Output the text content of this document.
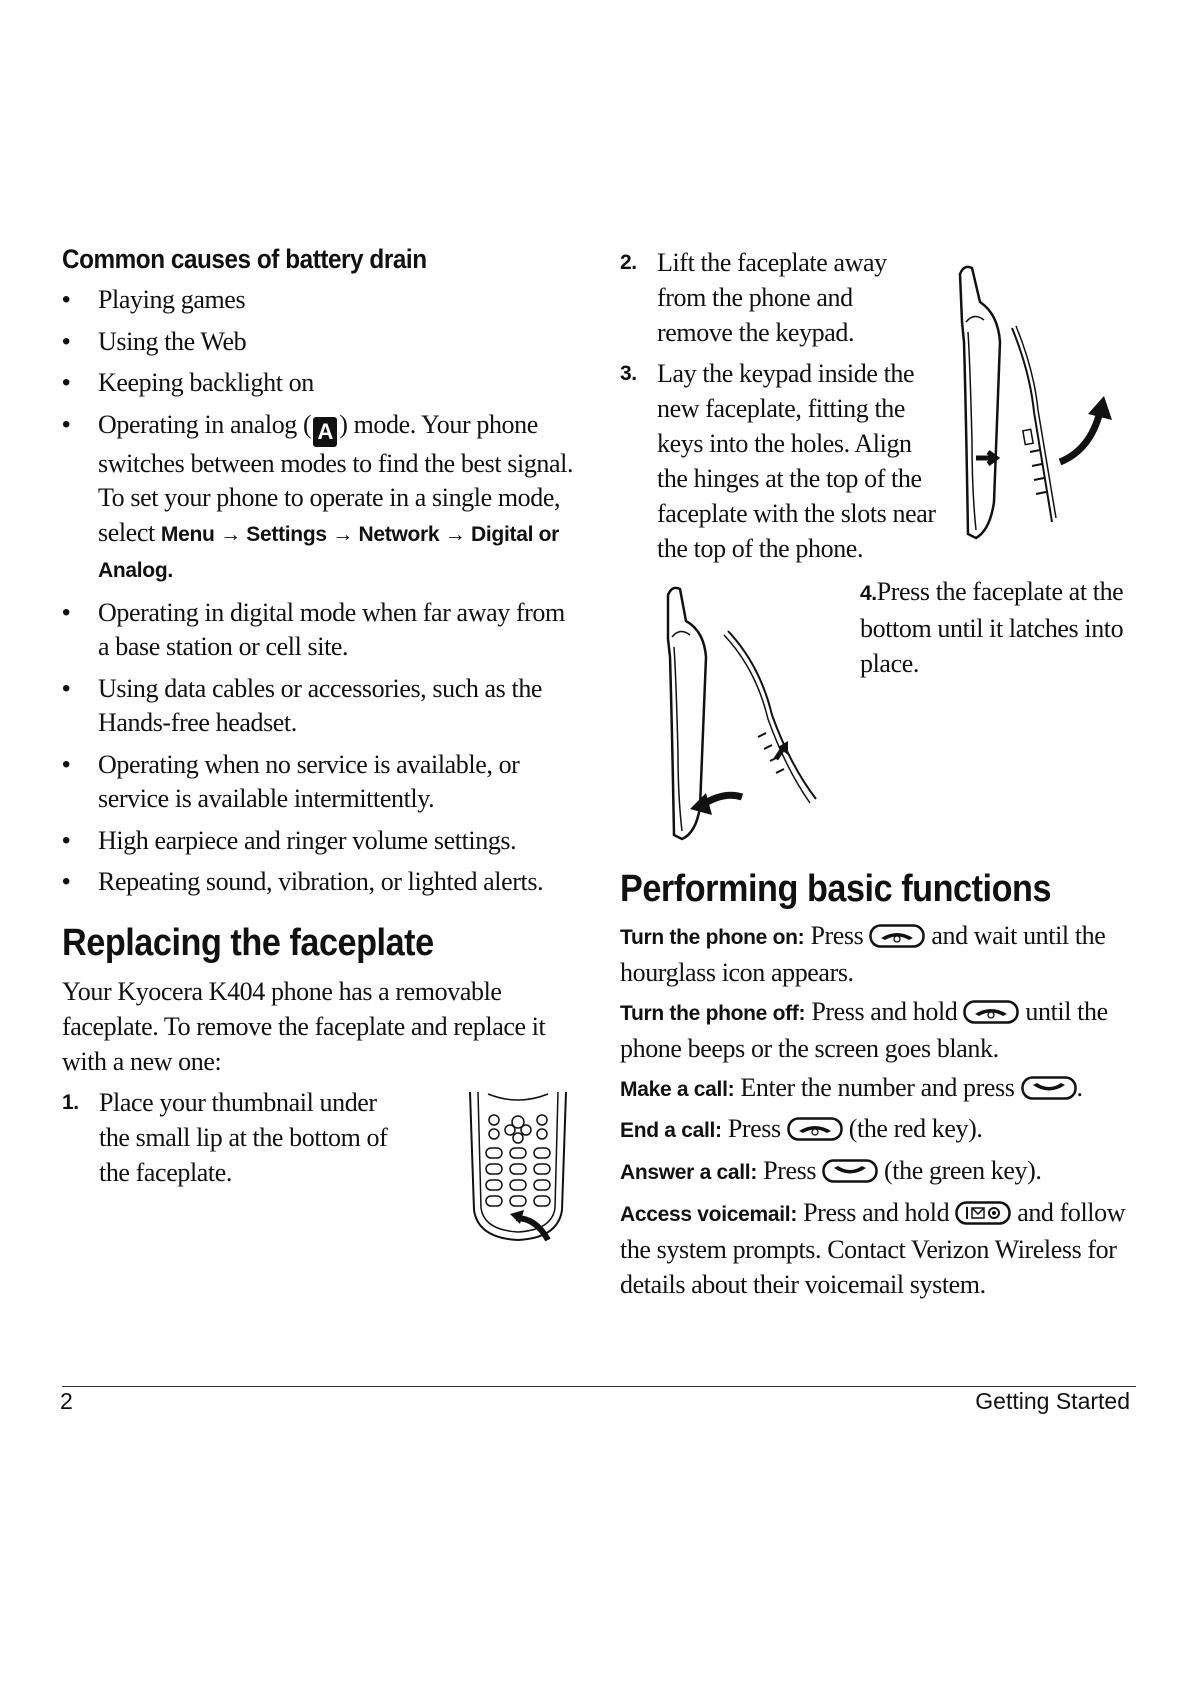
Common causes of battery drain
• Playing games
• Using the Web
• Keeping backlight on
• Operating in analog ( A ) mode. Your phone switches between modes to find the best signal. To set your phone to operate in a single mode, select Menu → Settings → Network → Digital or Analog.
• Operating in digital mode when far away from a base station or cell site.
• Using data cables or accessories, such as the Hands-free headset.
• Operating when no service is available, or service is available intermittently.
• High earpiece and ringer volume settings.
• Repeating sound, vibration, or lighted alerts.
Replacing the faceplate
Your Kyocera K404 phone has a removable faceplate. To remove the faceplate and replace it with a new one:
1. Place your thumbnail under the small lip at the bottom of the faceplate.
2. Lift the faceplate away from the phone and remove the keypad.
3. Lay the keypad inside the new faceplate, fitting the keys into the holes. Align the hinges at the top of the faceplate with the slots near the top of the phone.
4.Press the faceplate at the bottom until it latches into place.
Performing basic functions
Turn the phone on: Press	and wait until the hourglass icon appears.
Turn the phone off: Press and hold	until the phone beeps or the screen goes blank.
Make a call: Enter the number and press .
End a call: Press	(the red key).
Answer a call: Press	(the green key).
Access voicemail: Press and hold	and follow the system prompts. Contact Verizon Wireless for details about their voicemail system.
2	Getting Started
